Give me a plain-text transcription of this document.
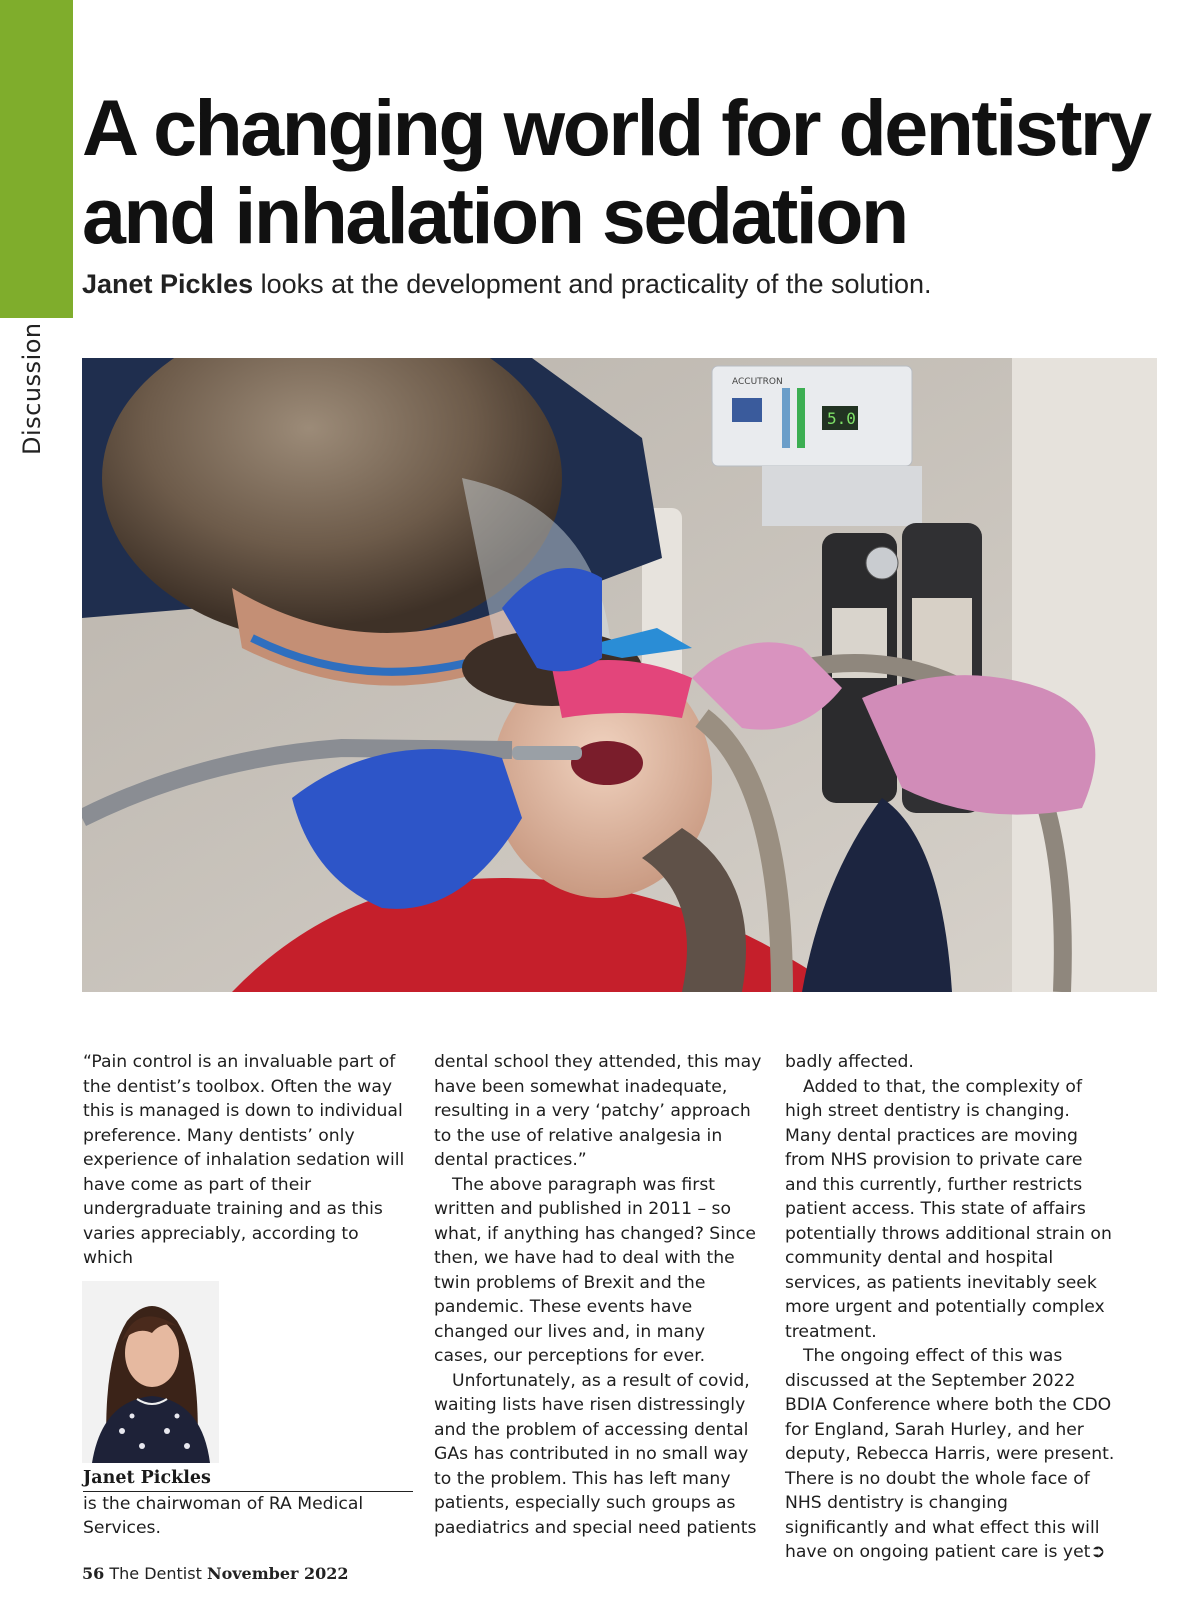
Discussion
A changing world for dentistry
and inhalation sedation
Janet Pickles looks at the development and practicality of the solution.
5.0
ACCUTRON

“Pain control is an invaluable part of the dentist’s toolbox. Often the way this is managed is down to individual preference. Many dentists’ only experience of inhalation sedation will have come as part of their undergraduate training and as this varies appreciably, according to which

Janet Pickles
is the chairwoman of RA Medical Services.

dental school they attended, this may have been somewhat inadequate, resulting in a very ‘patchy’ approach to the use of relative analgesia in dental practices.”

The above paragraph was first written and published in 2011 – so what, if anything has changed? Since then, we have had to deal with the twin problems of Brexit and the pandemic. These events have changed our lives and, in many cases, our perceptions for ever.

Unfortunately, as a result of covid, waiting lists have risen distressingly and the problem of accessing dental GAs has contributed in no small way to the problem. This has left many patients, especially such groups as paediatrics and special need patients

badly affected.

Added to that, the complexity of high street dentistry is changing. Many dental practices are moving from NHS provision to private care and this currently, further restricts patient access. This state of affairs potentially throws additional strain on community dental and hospital services, as patients inevitably seek more urgent and potentially complex treatment.

The ongoing effect of this was discussed at the September 2022 BDIA Conference where both the CDO for England, Sarah Hurley, and her deputy, Rebecca Harris, were present. There is no doubt the whole face of NHS dentistry is changing significantly and what effect this will have on ongoing patient care is yet➲

56 The Dentist November 2022
